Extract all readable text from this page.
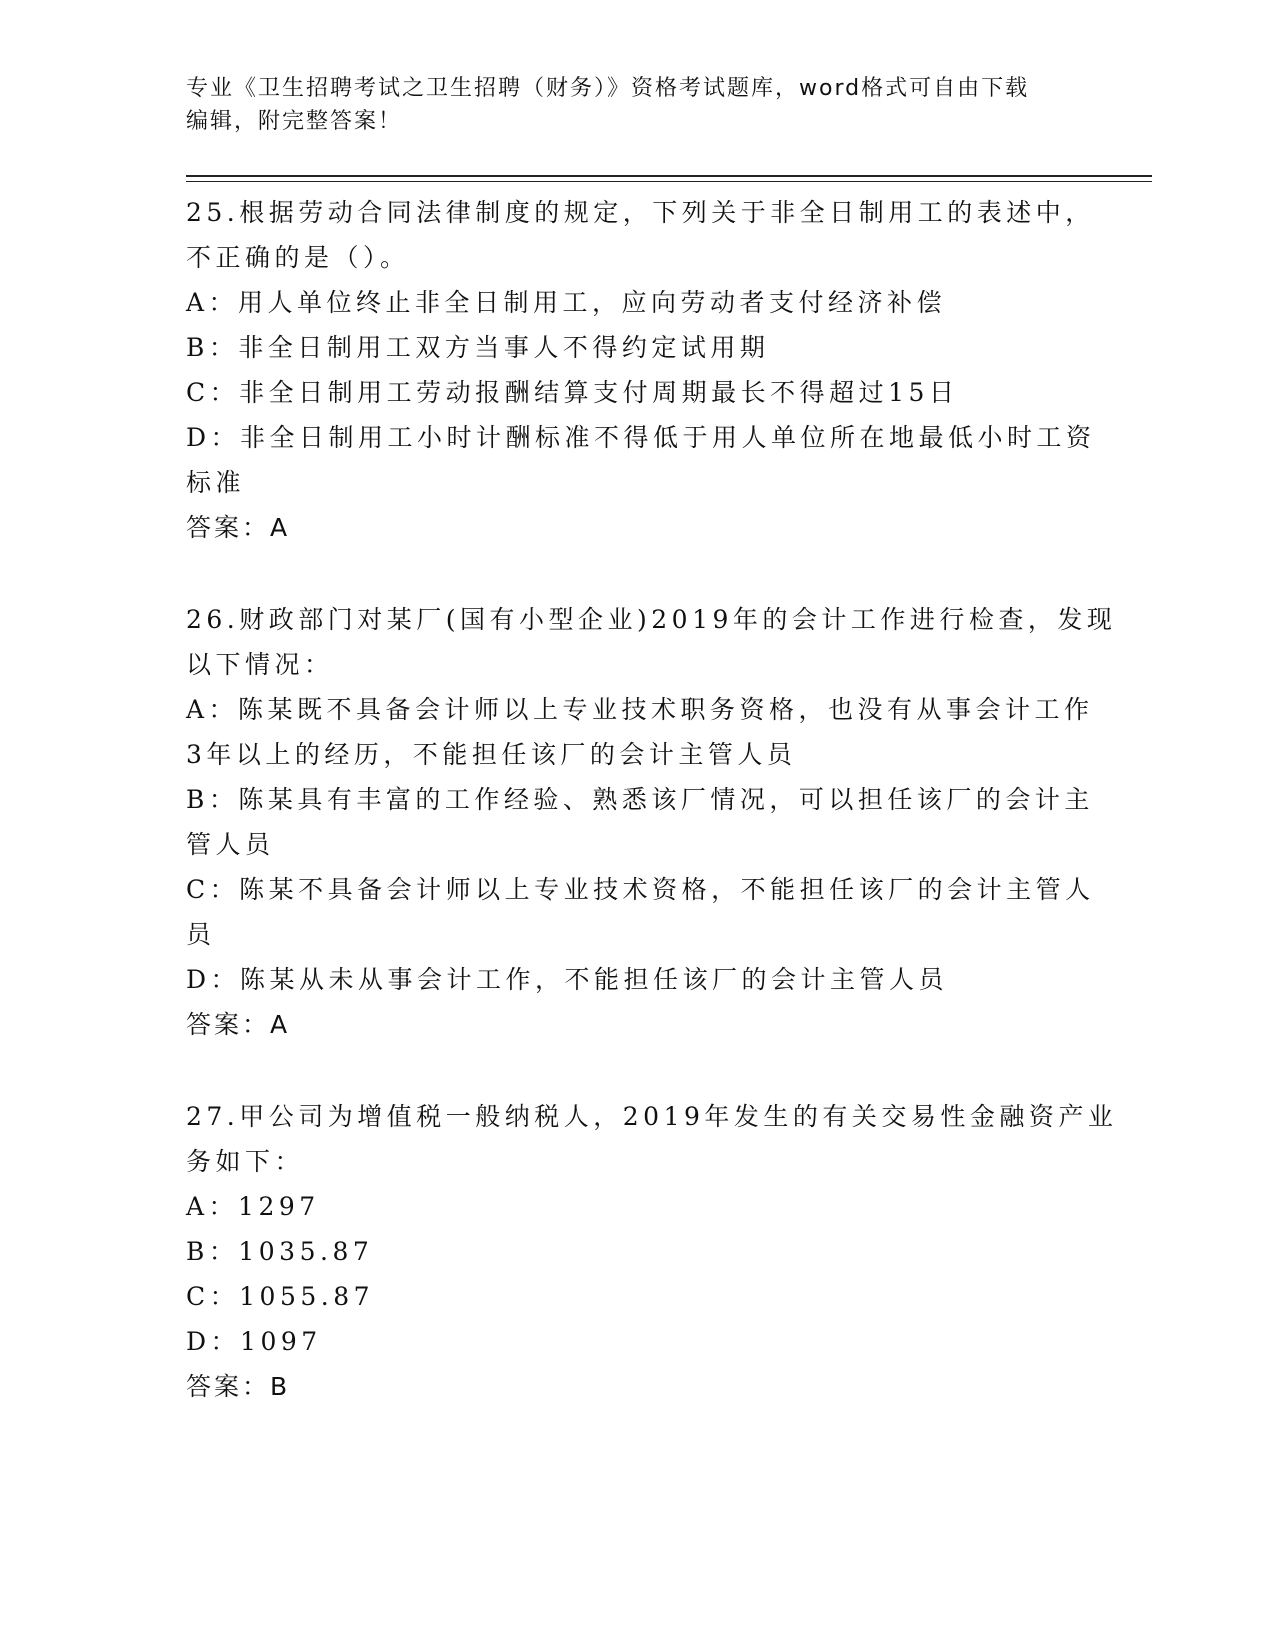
专业《卫生招聘考试之卫生招聘（财务）》资格考试题库，word格式可自由下载
编辑，附完整答案！
25.根据劳动合同法律制度的规定，下列关于非全日制用工的表述中，
不正确的是（）。
A：用人单位终止非全日制用工，应向劳动者支付经济补偿
B：非全日制用工双方当事人不得约定试用期
C：非全日制用工劳动报酬结算支付周期最长不得超过15日
D：非全日制用工小时计酬标准不得低于用人单位所在地最低小时工资
标准
答案：A
26.财政部门对某厂(国有小型企业)2019年的会计工作进行检查，发现
以下情况：
A：陈某既不具备会计师以上专业技术职务资格，也没有从事会计工作
3年以上的经历，不能担任该厂的会计主管人员
B：陈某具有丰富的工作经验、熟悉该厂情况，可以担任该厂的会计主
管人员
C：陈某不具备会计师以上专业技术资格，不能担任该厂的会计主管人
员
D：陈某从未从事会计工作，不能担任该厂的会计主管人员
答案：A
27.甲公司为增值税一般纳税人，2019年发生的有关交易性金融资产业
务如下：
A：1297
B：1035.87
C：1055.87
D：1097
答案：B
